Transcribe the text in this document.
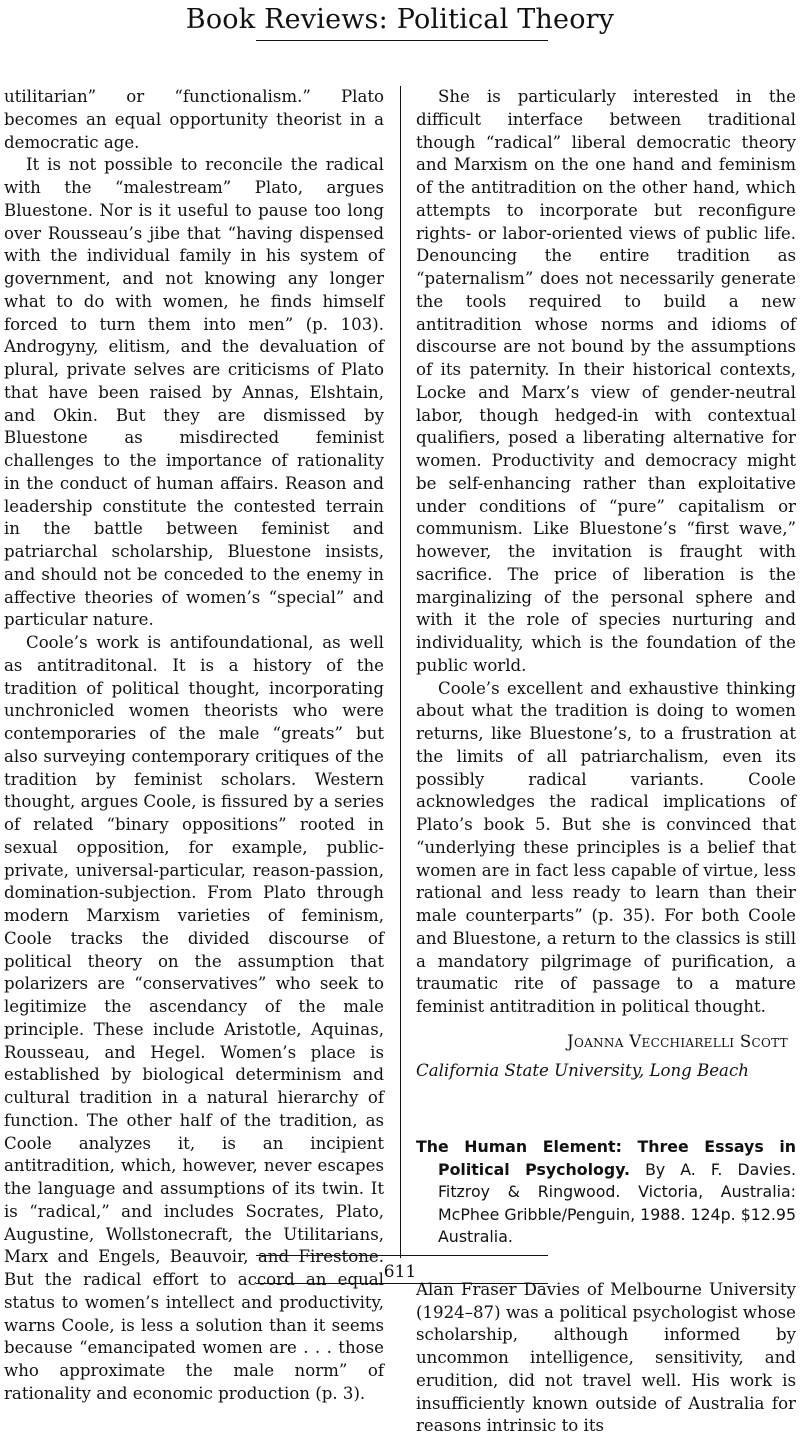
Book Reviews: Political Theory

utilitarian” or “functionalism.” Plato becomes an equal opportunity theorist in a democratic age.

It is not possible to reconcile the radical with the “malestream” Plato, argues Bluestone. Nor is it useful to pause too long over Rousseau’s jibe that “having dispensed with the individual family in his system of government, and not knowing any longer what to do with women, he finds himself forced to turn them into men” (p. 103). Androgyny, elitism, and the devaluation of plural, private selves are criticisms of Plato that have been raised by Annas, Elshtain, and Okin. But they are dismissed by Bluestone as misdirected feminist challenges to the importance of rationality in the conduct of human affairs. Reason and leadership constitute the contested terrain in the battle between feminist and patriarchal scholarship, Bluestone insists, and should not be conceded to the enemy in affective theories of women’s “special” and particular nature.

Coole’s work is antifoundational, as well as antitraditonal. It is a history of the tradition of political thought, incorporating unchronicled women theorists who were contemporaries of the male “greats” but also surveying contemporary critiques of the tradition by feminist scholars. Western thought, argues Coole, is fissured by a series of related “binary oppositions” rooted in sexual opposition, for example, public-private, universal-particular, reason-passion, domination-subjection. From Plato through modern Marxism varieties of feminism, Coole tracks the divided discourse of political theory on the assumption that polarizers are “conservatives” who seek to legitimize the ascendancy of the male principle. These include Aristotle, Aquinas, Rousseau, and Hegel. Women’s place is established by biological determinism and cultural tradition in a natural hierarchy of function. The other half of the tradition, as Coole analyzes it, is an incipient antitradition, which, however, never escapes the language and assumptions of its twin. It is “radical,” and includes Socrates, Plato, Augustine, Wollstonecraft, the Utilitarians, Marx and Engels, Beauvoir, and Firestone. But the radical effort to accord an equal status to women’s intellect and productivity, warns Coole, is less a solution than it seems because “emancipated women are . . . those who approximate the male norm” of rationality and economic production (p. 3).

She is particularly interested in the difficult interface between traditional though “radical” liberal democratic theory and Marxism on the one hand and feminism of the antitradition on the other hand, which attempts to incorporate but reconfigure rights- or labor-oriented views of public life. Denouncing the entire tradition as “paternalism” does not necessarily generate the tools required to build a new antitradition whose norms and idioms of discourse are not bound by the assumptions of its paternity. In their historical contexts, Locke and Marx’s view of gender-neutral labor, though hedged-in with contextual qualifiers, posed a liberating alternative for women. Productivity and democracy might be self-enhancing rather than exploitative under conditions of “pure” capitalism or communism. Like Bluestone’s “first wave,” however, the invitation is fraught with sacrifice. The price of liberation is the marginalizing of the personal sphere and with it the role of species nurturing and individuality, which is the foundation of the public world.

Coole’s excellent and exhaustive thinking about what the tradition is doing to women returns, like Bluestone’s, to a frustration at the limits of all patriarchalism, even its possibly radical variants. Coole acknowledges the radical implications of Plato’s book 5. But she is convinced that “underlying these principles is a belief that women are in fact less capable of virtue, less rational and less ready to learn than their male counterparts” (p. 35). For both Coole and Bluestone, a return to the classics is still a mandatory pilgrimage of purification, a traumatic rite of passage to a mature feminist antitradition in political thought.

Joanna Vecchiarelli Scott
California State University, Long Beach
The Human Element: Three Essays in Political Psychology. By A. F. Davies. Fitzroy & Ringwood. Victoria, Australia: McPhee Gribble/Penguin, 1988. 124p. $12.95 Australia.

Alan Fraser Davies of Melbourne University (1924–87) was a political psychologist whose scholarship, although informed by uncommon intelligence, sensitivity, and erudition, did not travel well. His work is insufficiently known outside of Australia for reasons intrinsic to its

611
